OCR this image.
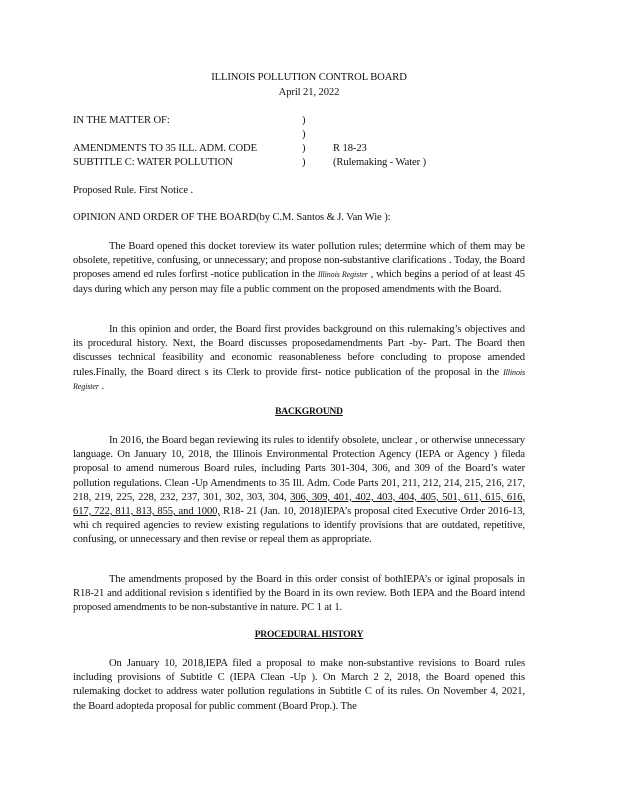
ILLINOIS POLLUTION CONTROL BOARD
April 21, 2022
IN THE MATTER OF:	)
)
AMENDMENTS TO 35 ILL. ADM. CODE	)	R 18-23
SUBTITLE C: WATER POLLUTION	)	(Rulemaking - Water )
Proposed Rule. First Notice .
OPINION AND ORDER OF THE BOARD(by C.M. Santos & J. Van Wie ):

The Board opened this docket toreview its water pollution rules; determine which of them may be obsolete, repetitive, confusing, or unnecessary; and propose non-substantive clarifications . Today, the Board proposes amend ed rules forfirst -notice publication in the Illinois Register , which begins a period of at least 45 days during which any person may file a public comment on the proposed amendments with the Board.

In this opinion and order, the Board first provides background on this rulemaking’s objectives and its procedural history. Next, the Board discusses proposedamendments Part -by- Part. The Board then discusses technical feasibility and economic reasonableness before concluding to propose amended rules.Finally, the Board direct s its Clerk to provide first- notice publication of the proposal in the Illinois Register .

BACKGROUND

In 2016, the Board began reviewing its rules to identify obsolete, unclear , or otherwise unnecessary language. On January 10, 2018, the Illinois Environmental Protection Agency (IEPA or Agency ) fileda proposal to amend numerous Board rules, including Parts 301-304, 306, and 309 of the Board’s water pollution regulations. Clean -Up Amendments to 35 Ill. Adm. Code Parts 201, 211, 212, 214, 215, 216, 217, 218, 219, 225, 228, 232, 237, 301, 302, 303, 304, 306, 309, 401, 402, 403, 404, 405, 501, 611, 615, 616, 617, 722, 811, 813, 855, and 1000, R18- 21 (Jan. 10, 2018)IEPA’s proposal cited Executive Order 2016-13, whi ch required agencies to review existing regulations to identify provisions that are outdated, repetitive, confusing, or unnecessary and then revise or repeal them as appropriate.

The amendments proposed by the Board in this order consist of bothIEPA’s or iginal proposals in R18-21 and additional revision s identified by the Board in its own review. Both IEPA and the Board intend proposed amendments to be non-substantive in nature. PC 1 at 1.

PROCEDURAL HISTORY

On January 10, 2018,IEPA filed a proposal to make non-substantive revisions to Board rules including provisions of Subtitle C (IEPA Clean -Up ). On March 2 2, 2018, the Board opened this rulemaking docket to address water pollution regulations in Subtitle C of its rules. On November 4, 2021, the Board adopteda proposal for public comment (Board Prop.). The
